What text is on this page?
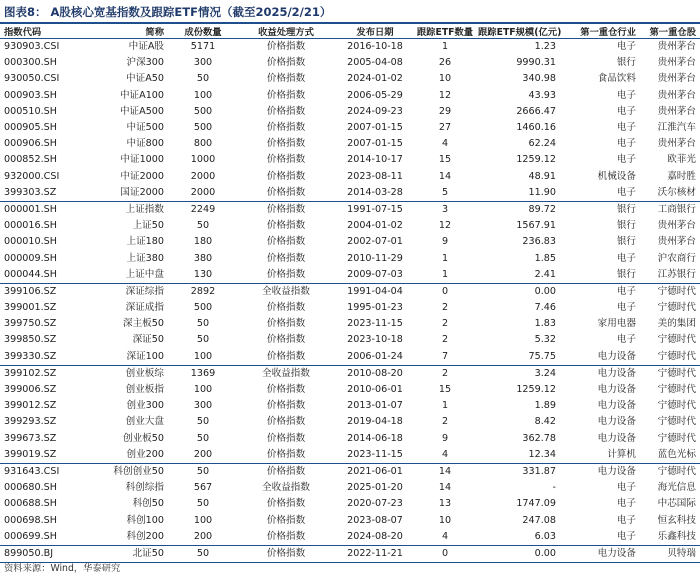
图表8： A股核心宽基指数及跟踪ETF情况（截至2025/2/21）
指数代码	简称	成份数量	收益处理方式	发布日期	跟踪ETF数量	跟踪ETF规模(亿元)	第一重仓行业	第一重仓股
930903.CSI	中证A股	5171	价格指数	2016-10-18	1	1.23	电子	贵州茅台
000300.SH	沪深300	300	价格指数	2005-04-08	26	9990.31	银行	贵州茅台
930050.CSI	中证A50	50	价格指数	2024-01-02	10	340.98	食品饮料	贵州茅台
000903.SH	中证A100	100	价格指数	2006-05-29	12	43.93	电子	贵州茅台
000510.SH	中证A500	500	价格指数	2024-09-23	29	2666.47	电子	贵州茅台
000905.SH	中证500	500	价格指数	2007-01-15	27	1460.16	电子	江淮汽车
000906.SH	中证800	800	价格指数	2007-01-15	4	62.24	电子	贵州茅台
000852.SH	中证1000	1000	价格指数	2014-10-17	15	1259.12	电子	欧菲光
932000.CSI	中证2000	2000	价格指数	2023-08-11	14	48.91	机械设备	嘉时胜
399303.SZ	国证2000	2000	价格指数	2014-03-28	5	11.90	电子	沃尔核材
000001.SH	上证指数	2249	价格指数	1991-07-15	3	89.72	银行	工商银行
000016.SH	上证50	50	价格指数	2004-01-02	12	1567.91	银行	贵州茅台
000010.SH	上证180	180	价格指数	2002-07-01	9	236.83	银行	贵州茅台
000009.SH	上证380	380	价格指数	2010-11-29	1	1.85	电子	沪农商行
000044.SH	上证中盘	130	价格指数	2009-07-03	1	2.41	银行	江苏银行
399106.SZ	深证综指	2892	全收益指数	1991-04-04	0	0.00	电子	宁德时代
399001.SZ	深证成指	500	价格指数	1995-01-23	2	7.46	电子	宁德时代
399750.SZ	深主板50	50	价格指数	2023-11-15	2	1.83	家用电器	美的集团
399850.SZ	深证50	50	价格指数	2023-10-18	2	5.32	电子	宁德时代
399330.SZ	深证100	100	价格指数	2006-01-24	7	75.75	电力设备	宁德时代
399102.SZ	创业板综	1369	全收益指数	2010-08-20	2	3.24	电力设备	宁德时代
399006.SZ	创业板指	100	价格指数	2010-06-01	15	1259.12	电力设备	宁德时代
399012.SZ	创业300	300	价格指数	2013-01-07	1	1.89	电力设备	宁德时代
399293.SZ	创业大盘	50	价格指数	2019-04-18	2	8.42	电力设备	宁德时代
399673.SZ	创业板50	50	价格指数	2014-06-18	9	362.78	电力设备	宁德时代
399019.SZ	创业200	200	价格指数	2023-11-15	4	12.34	计算机	蓝色光标
931643.CSI	科创创业50	50	价格指数	2021-06-01	14	331.87	电力设备	宁德时代
000680.SH	科创综指	567	全收益指数	2025-01-20	14	-	电子	海光信息
000688.SH	科创50	50	价格指数	2020-07-23	13	1747.09	电子	中芯国际
000698.SH	科创100	100	价格指数	2023-08-07	10	247.08	电子	恒玄科技
000699.SH	科创200	200	价格指数	2024-08-20	4	6.03	电子	乐鑫科技
899050.BJ	北证50	50	价格指数	2022-11-21	0	0.00	电力设备	贝特瑞
资料来源：Wind，华泰研究
